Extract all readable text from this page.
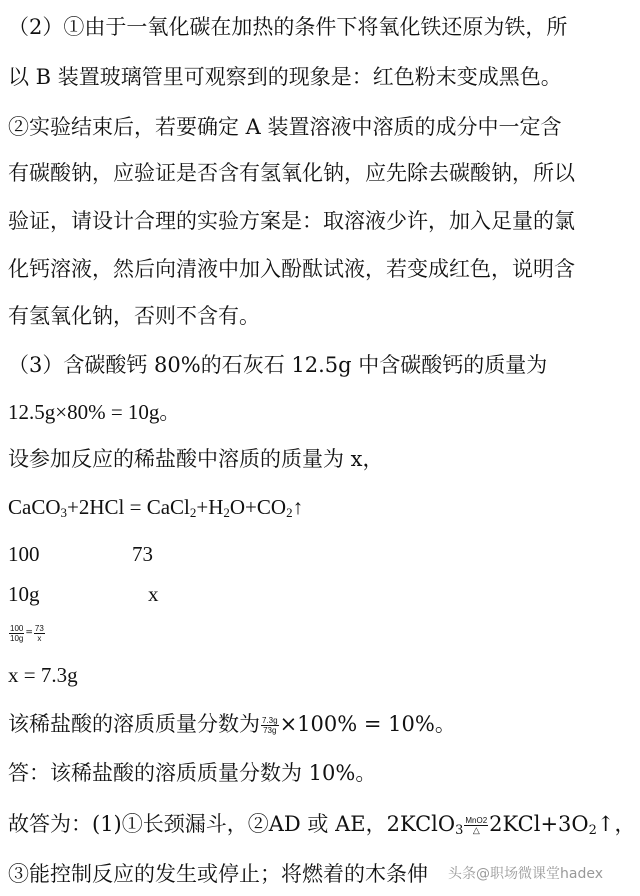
（2）①由于一氧化碳在加热的条件下将氧化铁还原为铁，所
以 B 装置玻璃管里可观察到的现象是：红色粉末变成黑色。
②实验结束后，若要确定 A 装置溶液中溶质的成分中一定含
有碳酸钠，应验证是否含有氢氧化钠，应先除去碳酸钠，所以
验证，请设计合理的实验方案是：取溶液少许，加入足量的氯
化钙溶液，然后向清液中加入酚酞试液，若变成红色，说明含
有氢氧化钠，否则不含有。
（3）含碳酸钙 80%的石灰石 12.5g 中含碳酸钙的质量为
12.5g×80% = 10g。
设参加反应的稀盐酸中溶质的质量为 x，
CaCO$_3$+2HCl = $CaCl_2+H_2O+CO_2↑$
100	73
10g	x
$\frac{100}{10g} = \frac{73}{x}$
x = 7.3g
该稀盐酸的溶质质量分数为 $\frac{7.3g}{73g} \times 100\% = 10\%$。
答：该稀盐酸的溶质质量分数为 10%。
故答为：(1)①长颈漏斗，②AD 或 AE，2KClO$_3$
MnO2
△ $2KCl+3O_2↑$，
③能控制反应的发生或停止；将燃着的木条伸 头条@职场微课堂hadex
